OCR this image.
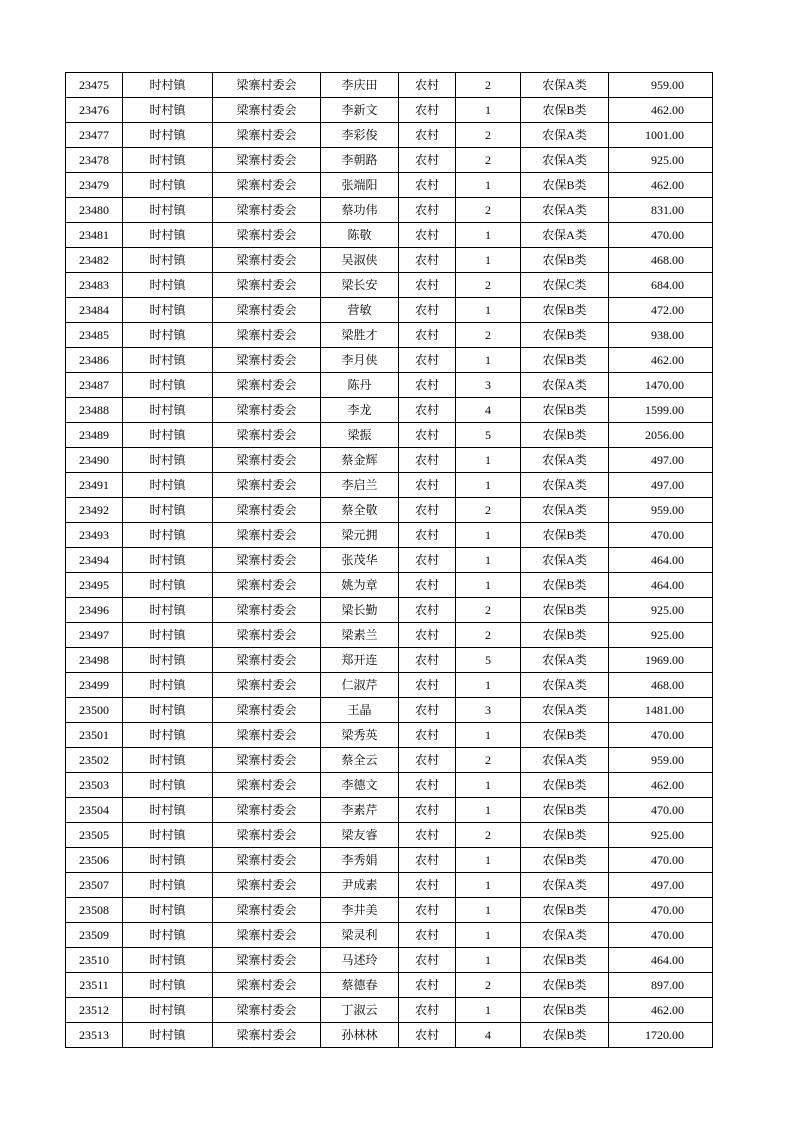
23475	时村镇	梁寨村委会	李庆田	农村	2	农保A类	959.00
23476	时村镇	梁寨村委会	李新文	农村	1	农保B类	462.00
23477	时村镇	梁寨村委会	李彩俊	农村	2	农保A类	1001.00
23478	时村镇	梁寨村委会	李朝路	农村	2	农保A类	925.00
23479	时村镇	梁寨村委会	张端阳	农村	1	农保B类	462.00
23480	时村镇	梁寨村委会	蔡功伟	农村	2	农保A类	831.00
23481	时村镇	梁寨村委会	陈敬	农村	1	农保A类	470.00
23482	时村镇	梁寨村委会	吴淑侠	农村	1	农保B类	468.00
23483	时村镇	梁寨村委会	梁长安	农村	2	农保C类	684.00
23484	时村镇	梁寨村委会	营敏	农村	1	农保B类	472.00
23485	时村镇	梁寨村委会	梁胜才	农村	2	农保B类	938.00
23486	时村镇	梁寨村委会	李月侠	农村	1	农保B类	462.00
23487	时村镇	梁寨村委会	陈丹	农村	3	农保A类	1470.00
23488	时村镇	梁寨村委会	李龙	农村	4	农保B类	1599.00
23489	时村镇	梁寨村委会	梁振	农村	5	农保B类	2056.00
23490	时村镇	梁寨村委会	蔡金辉	农村	1	农保A类	497.00
23491	时村镇	梁寨村委会	李启兰	农村	1	农保A类	497.00
23492	时村镇	梁寨村委会	蔡全敬	农村	2	农保A类	959.00
23493	时村镇	梁寨村委会	梁元拥	农村	1	农保B类	470.00
23494	时村镇	梁寨村委会	张茂华	农村	1	农保A类	464.00
23495	时村镇	梁寨村委会	姚为章	农村	1	农保B类	464.00
23496	时村镇	梁寨村委会	梁长勤	农村	2	农保B类	925.00
23497	时村镇	梁寨村委会	梁素兰	农村	2	农保B类	925.00
23498	时村镇	梁寨村委会	郑开连	农村	5	农保A类	1969.00
23499	时村镇	梁寨村委会	仁淑芹	农村	1	农保A类	468.00
23500	时村镇	梁寨村委会	王晶	农村	3	农保A类	1481.00
23501	时村镇	梁寨村委会	梁秀英	农村	1	农保B类	470.00
23502	时村镇	梁寨村委会	蔡全云	农村	2	农保A类	959.00
23503	时村镇	梁寨村委会	李德文	农村	1	农保B类	462.00
23504	时村镇	梁寨村委会	李素芹	农村	1	农保B类	470.00
23505	时村镇	梁寨村委会	梁友睿	农村	2	农保B类	925.00
23506	时村镇	梁寨村委会	李秀娟	农村	1	农保B类	470.00
23507	时村镇	梁寨村委会	尹成素	农村	1	农保A类	497.00
23508	时村镇	梁寨村委会	李井美	农村	1	农保B类	470.00
23509	时村镇	梁寨村委会	梁灵利	农村	1	农保A类	470.00
23510	时村镇	梁寨村委会	马述玲	农村	1	农保B类	464.00
23511	时村镇	梁寨村委会	蔡德春	农村	2	农保B类	897.00
23512	时村镇	梁寨村委会	丁淑云	农村	1	农保B类	462.00
23513	时村镇	梁寨村委会	孙林林	农村	4	农保B类	1720.00
